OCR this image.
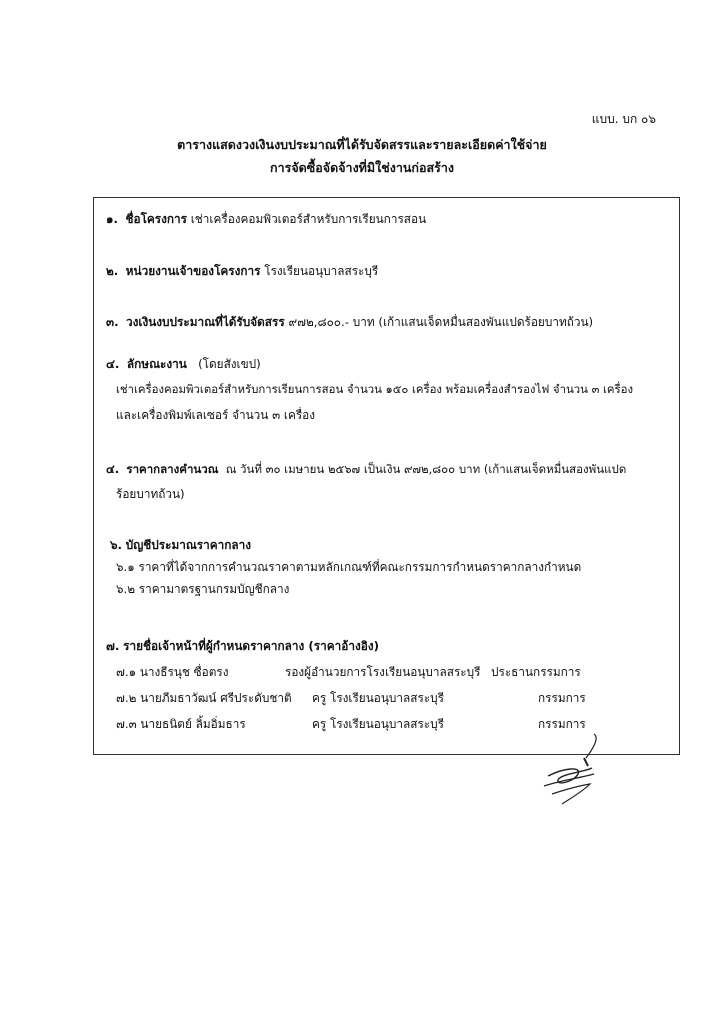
แบบ. บก ๐๖
ตารางแสดงวงเงินงบประมาณที่ได้รับจัดสรรและรายละเอียดค่าใช้จ่าย
การจัดซื้อจัดจ้างที่มิใช่งานก่อสร้าง
๑. ชื่อโครงการ เช่าเครื่องคอมพิวเตอร์สำหรับการเรียนการสอน
๒. หน่วยงานเจ้าของโครงการ โรงเรียนอนุบาลสระบุรี
๓. วงเงินงบประมาณที่ได้รับจัดสรร ๙๗๒,๘๐๐.- บาท (เก้าแสนเจ็ดหมื่นสองพันแปดร้อยบาทถ้วน)
๔. ลักษณะงาน (โดยสังเขป)
เช่าเครื่องคอมพิวเตอร์สำหรับการเรียนการสอน จำนวน ๑๕๐ เครื่อง พร้อมเครื่องสำรองไฟ จำนวน ๓ เครื่อง
และเครื่องพิมพ์เลเซอร์ จำนวน ๓ เครื่อง
๔. ราคากลางคำนวณ ณ วันที่ ๓๐ เมษายน ๒๕๖๗ เป็นเงิน ๙๗๒,๘๐๐ บาท (เก้าแสนเจ็ดหมื่นสองพันแปด
ร้อยบาทถ้วน)
๖. บัญชีประมาณราคากลาง
๖.๑ ราคาที่ได้จากการคำนวณราคาตามหลักเกณฑ์ที่คณะกรรมการกำหนดราคากลางกำหนด
๖.๒ ราคามาตรฐานกรมบัญชีกลาง
๗. รายชื่อเจ้าหน้าที่ผู้กำหนดราคากลาง (ราคาอ้างอิง)
๗.๑ นางธีรนุช ซื่อตรง	รองผู้อำนวยการโรงเรียนอนุบาลสระบุรี ประธานกรรมการ
๗.๒ นายภีมธาวัฒน์ ศรีประดับชาติ ครู โรงเรียนอนุบาลสระบุรี	กรรมการ
๗.๓ นายธนิตย์ ลิ้มอิ่มธาร	ครู โรงเรียนอนุบาลสระบุรี	กรรมการ
